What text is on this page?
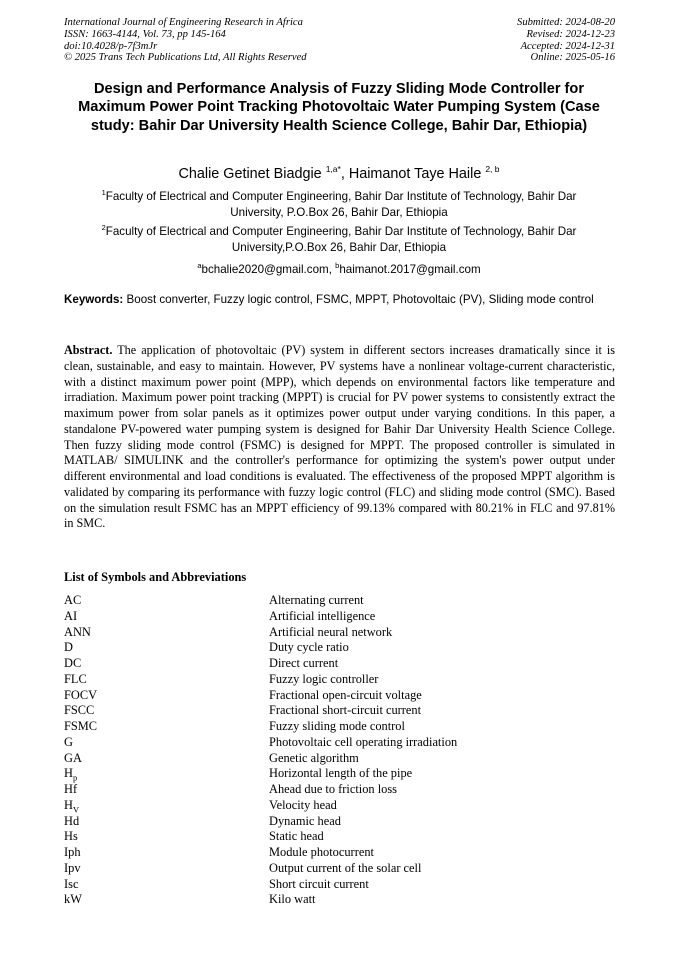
International Journal of Engineering Research in Africa	Submitted: 2024-08-20
ISSN: 1663-4144, Vol. 73, pp 145-164	Revised: 2024-12-23
doi:10.4028/p-7f3mJr	Accepted: 2024-12-31
© 2025 Trans Tech Publications Ltd, All Rights Reserved	Online: 2025-05-16
Design and Performance Analysis of Fuzzy Sliding Mode Controller for Maximum Power Point Tracking Photovoltaic Water Pumping System (Case study: Bahir Dar University Health Science College, Bahir Dar, Ethiopia)
Chalie Getinet Biadgie $^{1,a*}$, Haimanot Taye Haile $^{2, b}$
$^1$Faculty of Electrical and Computer Engineering, Bahir Dar Institute of Technology, Bahir Dar University, P.O.Box 26, Bahir Dar, Ethiopia
$^2$Faculty of Electrical and Computer Engineering, Bahir Dar Institute of Technology, Bahir Dar University,P.O.Box 26, Bahir Dar, Ethiopia
$^a$bchalie2020@gmail.com, $^b$haimanot.2017@gmail.com
Keywords: Boost converter, Fuzzy logic control, FSMC, MPPT, Photovoltaic (PV), Sliding mode control
Abstract. The application of photovoltaic (PV) system in different sectors increases dramatically since it is clean, sustainable, and easy to maintain. However, PV systems have a nonlinear voltage-current characteristic, with a distinct maximum power point (MPP), which depends on environmental factors like temperature and irradiation. Maximum power point tracking (MPPT) is crucial for PV power systems to consistently extract the maximum power from solar panels as it optimizes power output under varying conditions. In this paper, a standalone PV-powered water pumping system is designed for Bahir Dar University Health Science College. Then fuzzy sliding mode control (FSMC) is designed for MPPT. The proposed controller is simulated in MATLAB/ SIMULINK and the controller's performance for optimizing the system's power output under different environmental and load conditions is evaluated. The effectiveness of the proposed MPPT algorithm is validated by comparing its performance with fuzzy logic control (FLC) and sliding mode control (SMC). Based on the simulation result FSMC has an MPPT efficiency of 99.13% compared with 80.21% in FLC and 97.81% in SMC.
List of Symbols and Abbreviations
AC	Alternating current
AI	Artificial intelligence
ANN	Artificial neural network
D	Duty cycle ratio
DC	Direct current
FLC	Fuzzy logic controller
FOCV	Fractional open-circuit voltage
FSCC	Fractional short-circuit current
FSMC	Fuzzy sliding mode control
G	Photovoltaic cell operating irradiation
GA	Genetic algorithm
$H_p$	Horizontal length of the pipe
Hf	Ahead due to friction loss
$H_V$	Velocity head
Hd	Dynamic head
Hs	Static head
Iph	Module photocurrent
Ipv	Output current of the solar cell
Isc	Short circuit current
kW	Kilo watt
